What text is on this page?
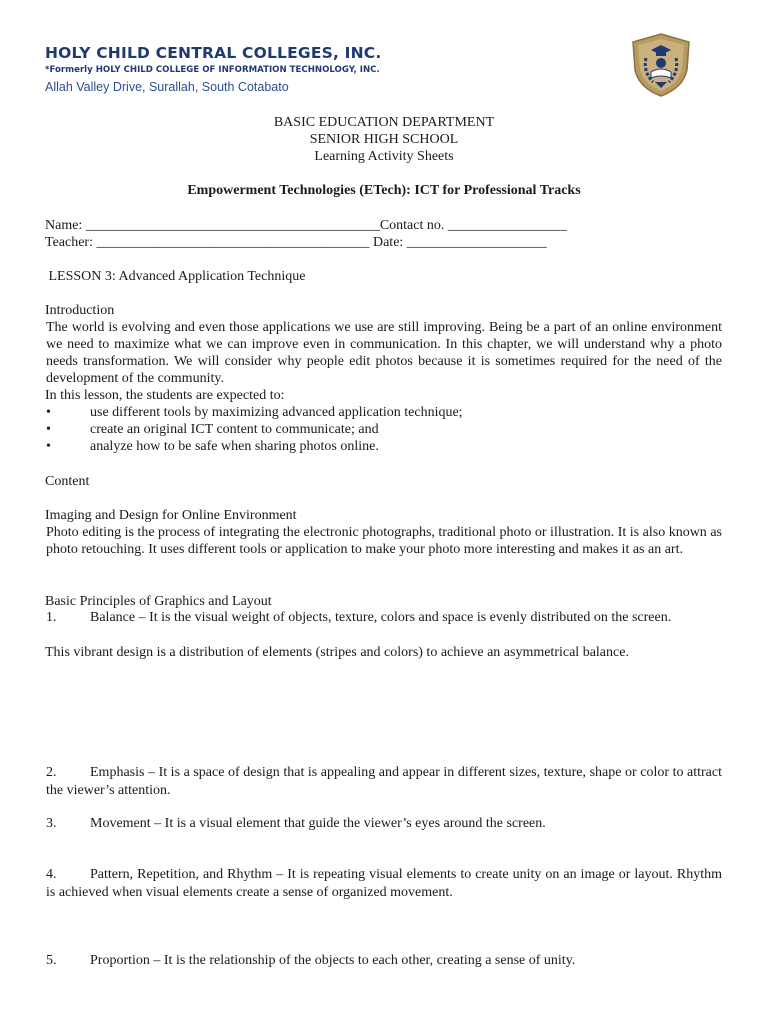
HOLY CHILD CENTRAL COLLEGES, INC.
*Formerly HOLY CHILD COLLEGE OF INFORMATION TECHNOLOGY, INC.
Allah Valley Drive, Surallah, South Cotabato
BASIC EDUCATION DEPARTMENT
SENIOR HIGH SCHOOL
Learning Activity Sheets
Empowerment Technologies (ETech): ICT for Professional Tracks
Name: __________________________________________Contact no. _________________
Teacher: _______________________________________ Date: ____________________
LESSON 3: Advanced Application Technique
Introduction
The world is evolving and even those applications we use are still improving. Being be a part of an online environment we need to maximize what we can improve even in communication. In this chapter, we will understand why a photo needs transformation. We will consider why people edit photos because it is sometimes required for the need of the development of the community.
In this lesson, the students are expected to:
•	use different tools by maximizing advanced application technique;
•	create an original ICT content to communicate; and
•	analyze how to be safe when sharing photos online.
Content
Imaging and Design for Online Environment
Photo editing is the process of integrating the electronic photographs, traditional photo or illustration. It is also known as photo retouching. It uses different tools or application to make your photo more interesting and makes it as an art.
Basic Principles of Graphics and Layout
1. Balance – It is the visual weight of objects, texture, colors and space is evenly distributed on the screen.
This vibrant design is a distribution of elements (stripes and colors) to achieve an asymmetrical balance.
2. Emphasis – It is a space of design that is appealing and appear in different sizes, texture, shape or color to attract the viewer’s attention.
3. Movement – It is a visual element that guide the viewer’s eyes around the screen.
4. Pattern, Repetition, and Rhythm – It is repeating visual elements to create unity on an image or layout. Rhythm is achieved when visual elements create a sense of organized movement.
5. Proportion – It is the relationship of the objects to each other, creating a sense of unity.
